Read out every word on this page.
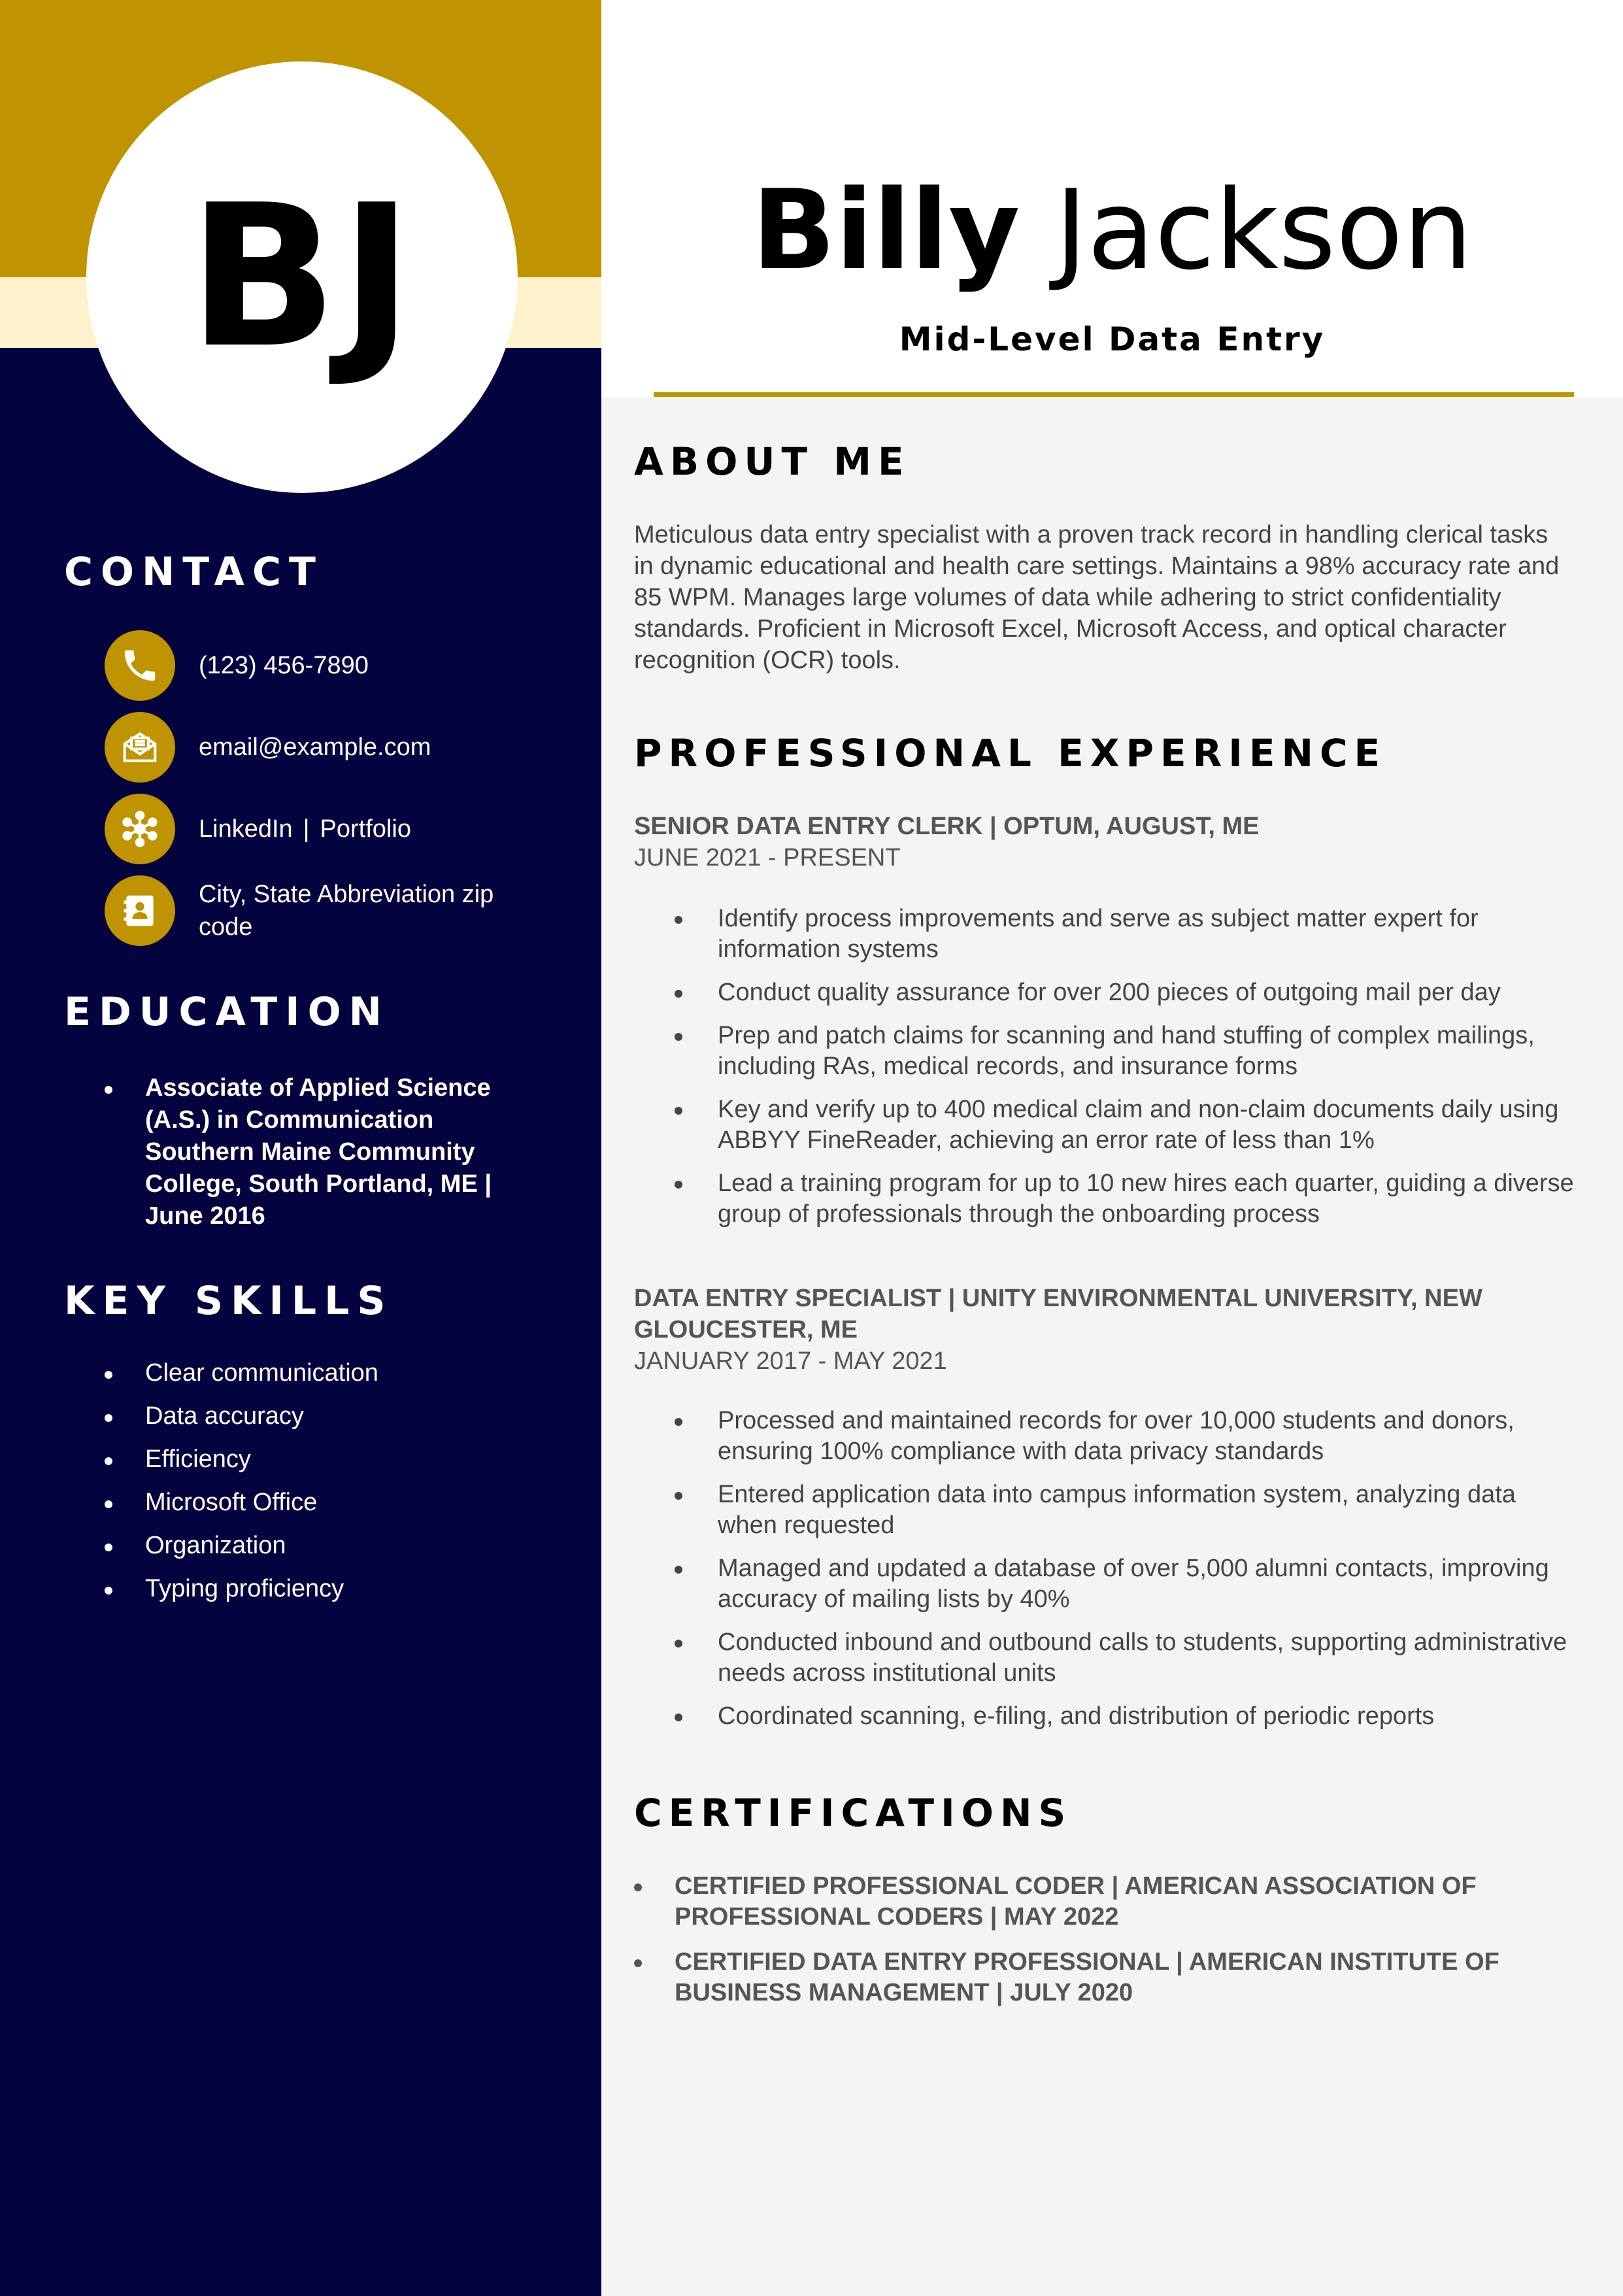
BJ
CONTACT
(123) 456-7890
email@example.com
LinkedIn | Portfolio
City, State Abbreviation zip code
EDUCATION
Associate of Applied Science (A.S.) in Communication Southern Maine Community College, South Portland, ME | June 2016
KEY SKILLS
Clear communication
Data accuracy
Efficiency
Microsoft Office
Organization
Typing proficiency
Billy Jackson
Mid-Level Data Entry
ABOUT ME
Meticulous data entry specialist with a proven track record in handling clerical tasks in dynamic educational and health care settings. Maintains a 98% accuracy rate and 85 WPM. Manages large volumes of data while adhering to strict confidentiality standards. Proficient in Microsoft Excel, Microsoft Access, and optical character recognition (OCR) tools.
PROFESSIONAL EXPERIENCE
SENIOR DATA ENTRY CLERK | OPTUM, AUGUST, ME
JUNE 2021 - PRESENT
Identify process improvements and serve as subject matter expert for information systems
Conduct quality assurance for over 200 pieces of outgoing mail per day
Prep and patch claims for scanning and hand stuffing of complex mailings, including RAs, medical records, and insurance forms
Key and verify up to 400 medical claim and non-claim documents daily using ABBYY FineReader, achieving an error rate of less than 1%
Lead a training program for up to 10 new hires each quarter, guiding a diverse group of professionals through the onboarding process
DATA ENTRY SPECIALIST | UNITY ENVIRONMENTAL UNIVERSITY, NEW GLOUCESTER, ME
JANUARY 2017 - MAY 2021
Processed and maintained records for over 10,000 students and donors, ensuring 100% compliance with data privacy standards
Entered application data into campus information system, analyzing data when requested
Managed and updated a database of over 5,000 alumni contacts, improving accuracy of mailing lists by 40%
Conducted inbound and outbound calls to students, supporting administrative needs across institutional units
Coordinated scanning, e-filing, and distribution of periodic reports
CERTIFICATIONS
CERTIFIED PROFESSIONAL CODER | AMERICAN ASSOCIATION OF PROFESSIONAL CODERS | MAY 2022
CERTIFIED DATA ENTRY PROFESSIONAL | AMERICAN INSTITUTE OF BUSINESS MANAGEMENT | JULY 2020
